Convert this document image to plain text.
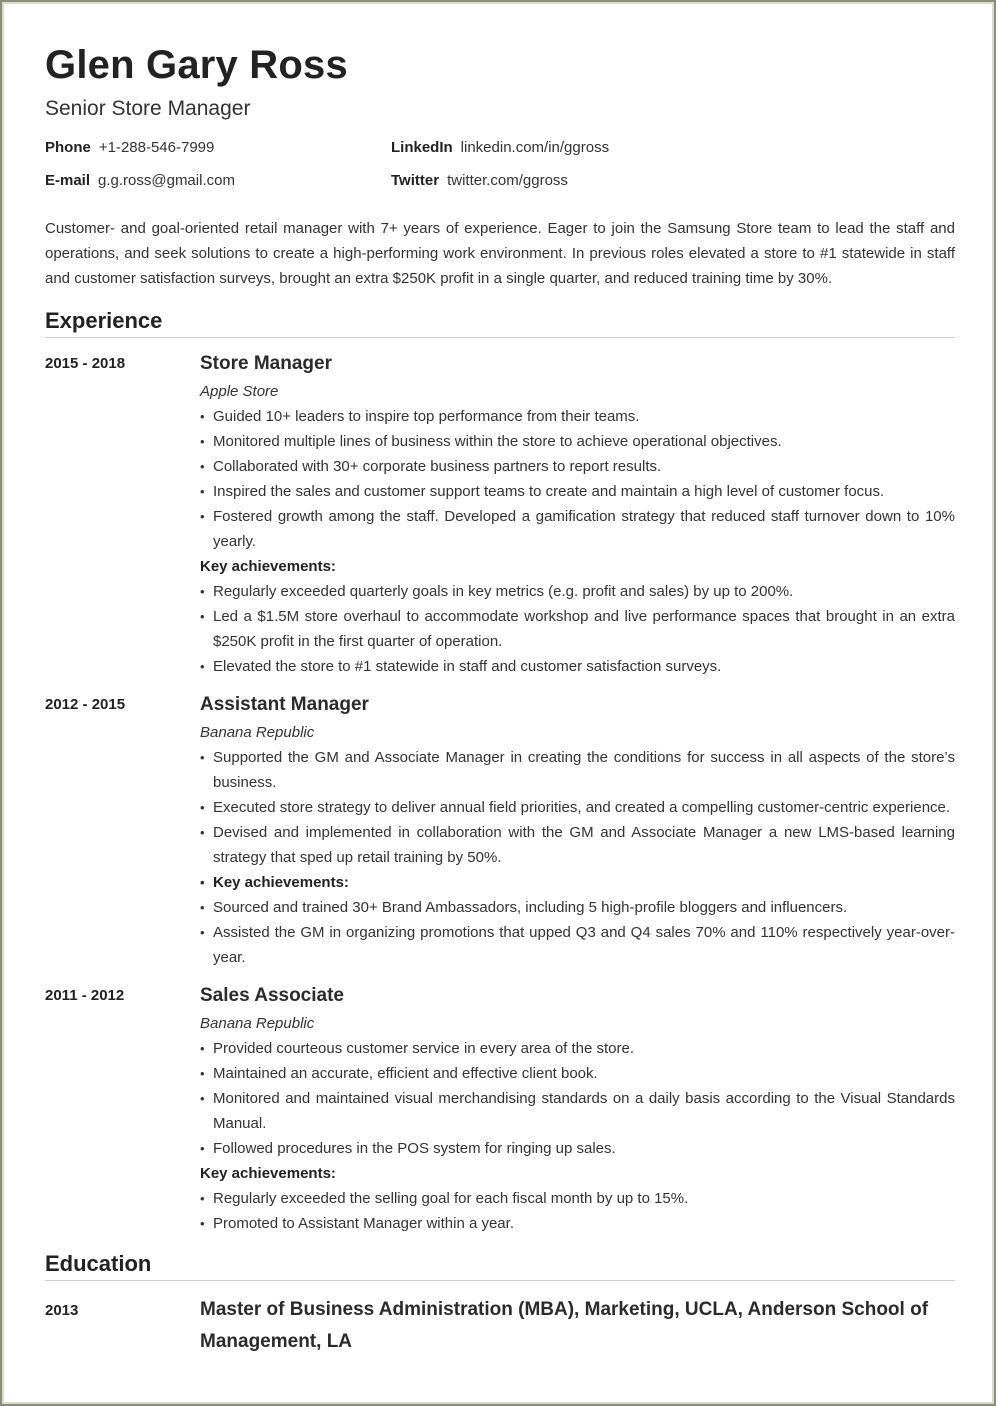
Glen Gary Ross
Senior Store Manager
Phone +1-288-546-7999	LinkedIn linkedin.com/in/ggross
E-mail g.g.ross@gmail.com	Twitter twitter.com/ggross
Customer- and goal-oriented retail manager with 7+ years of experience. Eager to join the Samsung Store team to lead the staff and operations, and seek solutions to create a high-performing work environment. In previous roles elevated a store to #1 statewide in staff and customer satisfaction surveys, brought an extra $250K profit in a single quarter, and reduced training time by 30%.
Experience
2015 - 2018	Store Manager
Apple Store
• Guided 10+ leaders to inspire top performance from their teams.
• Monitored multiple lines of business within the store to achieve operational objectives.
• Collaborated with 30+ corporate business partners to report results.
• Inspired the sales and customer support teams to create and maintain a high level of customer focus.
• Fostered growth among the staff. Developed a gamification strategy that reduced staff turnover down to 10% yearly.
Key achievements:
• Regularly exceeded quarterly goals in key metrics (e.g. profit and sales) by up to 200%.
• Led a $1.5M store overhaul to accommodate workshop and live performance spaces that brought in an extra $250K profit in the first quarter of operation.
• Elevated the store to #1 statewide in staff and customer satisfaction surveys.
2012 - 2015	Assistant Manager
Banana Republic
• Supported the GM and Associate Manager in creating the conditions for success in all aspects of the store’s business.
• Executed store strategy to deliver annual field priorities, and created a compelling customer-centric experience.
• Devised and implemented in collaboration with the GM and Associate Manager a new LMS-based learning strategy that sped up retail training by 50%.
• Key achievements:
• Sourced and trained 30+ Brand Ambassadors, including 5 high-profile bloggers and influencers.
• Assisted the GM in organizing promotions that upped Q3 and Q4 sales 70% and 110% respectively year-over-year.
2011 - 2012	Sales Associate
Banana Republic
• Provided courteous customer service in every area of the store.
• Maintained an accurate, efficient and effective client book.
• Monitored and maintained visual merchandising standards on a daily basis according to the Visual Standards Manual.
• Followed procedures in the POS system for ringing up sales.
Key achievements:
• Regularly exceeded the selling goal for each fiscal month by up to 15%.
• Promoted to Assistant Manager within a year.
Education
2013	Master of Business Administration (MBA), Marketing, UCLA, Anderson School of Management, LA
